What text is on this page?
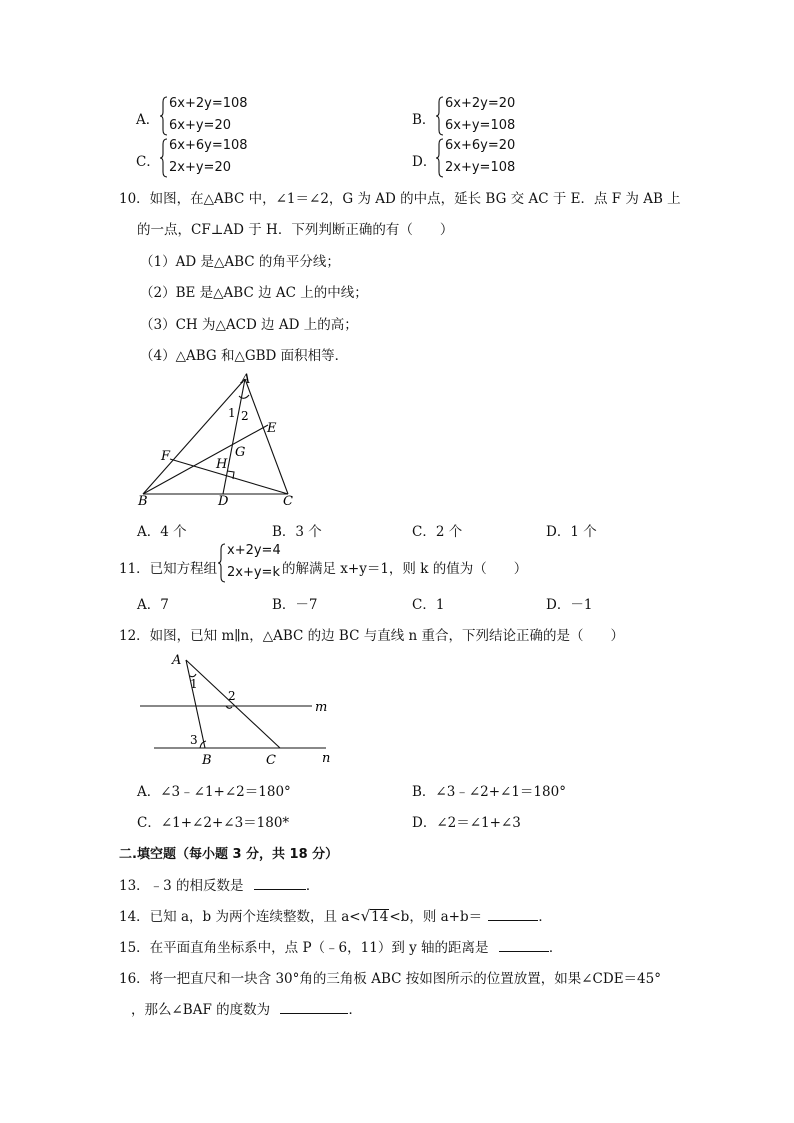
A．
6x+2y=108
6x+y=20	B．
6x+2y=20
6x+y=108
C．
6x+6y=108
2x+y=20	D．
6x+6y=20
2x+y=108
10．如图，在△ABC 中，∠1＝∠2，G 为 AD 的中点，延长 BG 交 AC 于 E．点 F 为 AB 上
的一点，CF⊥AD 于 H．下列判断正确的有（　　）
（1）AD 是△ABC 的角平分线；
（2）BE 是△ABC 边 AC 上的中线；
（3）CH 为△ACD 边 AD 上的高；
（4）△ABG 和△GBD 面积相等．
A
B	C
D
E
F	G
H
1 2
A．4 个	B．3 个	C．2 个	D．1 个
11．已知方程组
x+2y=4
2x+y=k 的解满足 x+y＝1，则 k 的值为（　　）
A．7	B．－7	C．1	D．－1
12．如图，已知 m∥n，△ABC 的边 BC 与直线 n 重合，下列结论正确的是（　　）
A
B	C
m
n
1
2
3
A．∠3﹣∠1+∠2＝180°	B．∠3﹣∠2+∠1＝180°
C．∠1+∠2+∠3＝180*	D．∠2＝∠1+∠3
二.填空题（每小题 3 分，共 18 分）
13．﹣3 的相反数是	．
14．已知 a，b 为两个连续整数，且 a<√14<b，则 a+b＝	．
15．在平面直角坐标系中，点 P（﹣6，11）到 y 轴的距离是	．
16．将一把直尺和一块含 30°角的三角板 ABC 按如图所示的位置放置，如果∠CDE＝45°
，那么∠BAF 的度数为	．
